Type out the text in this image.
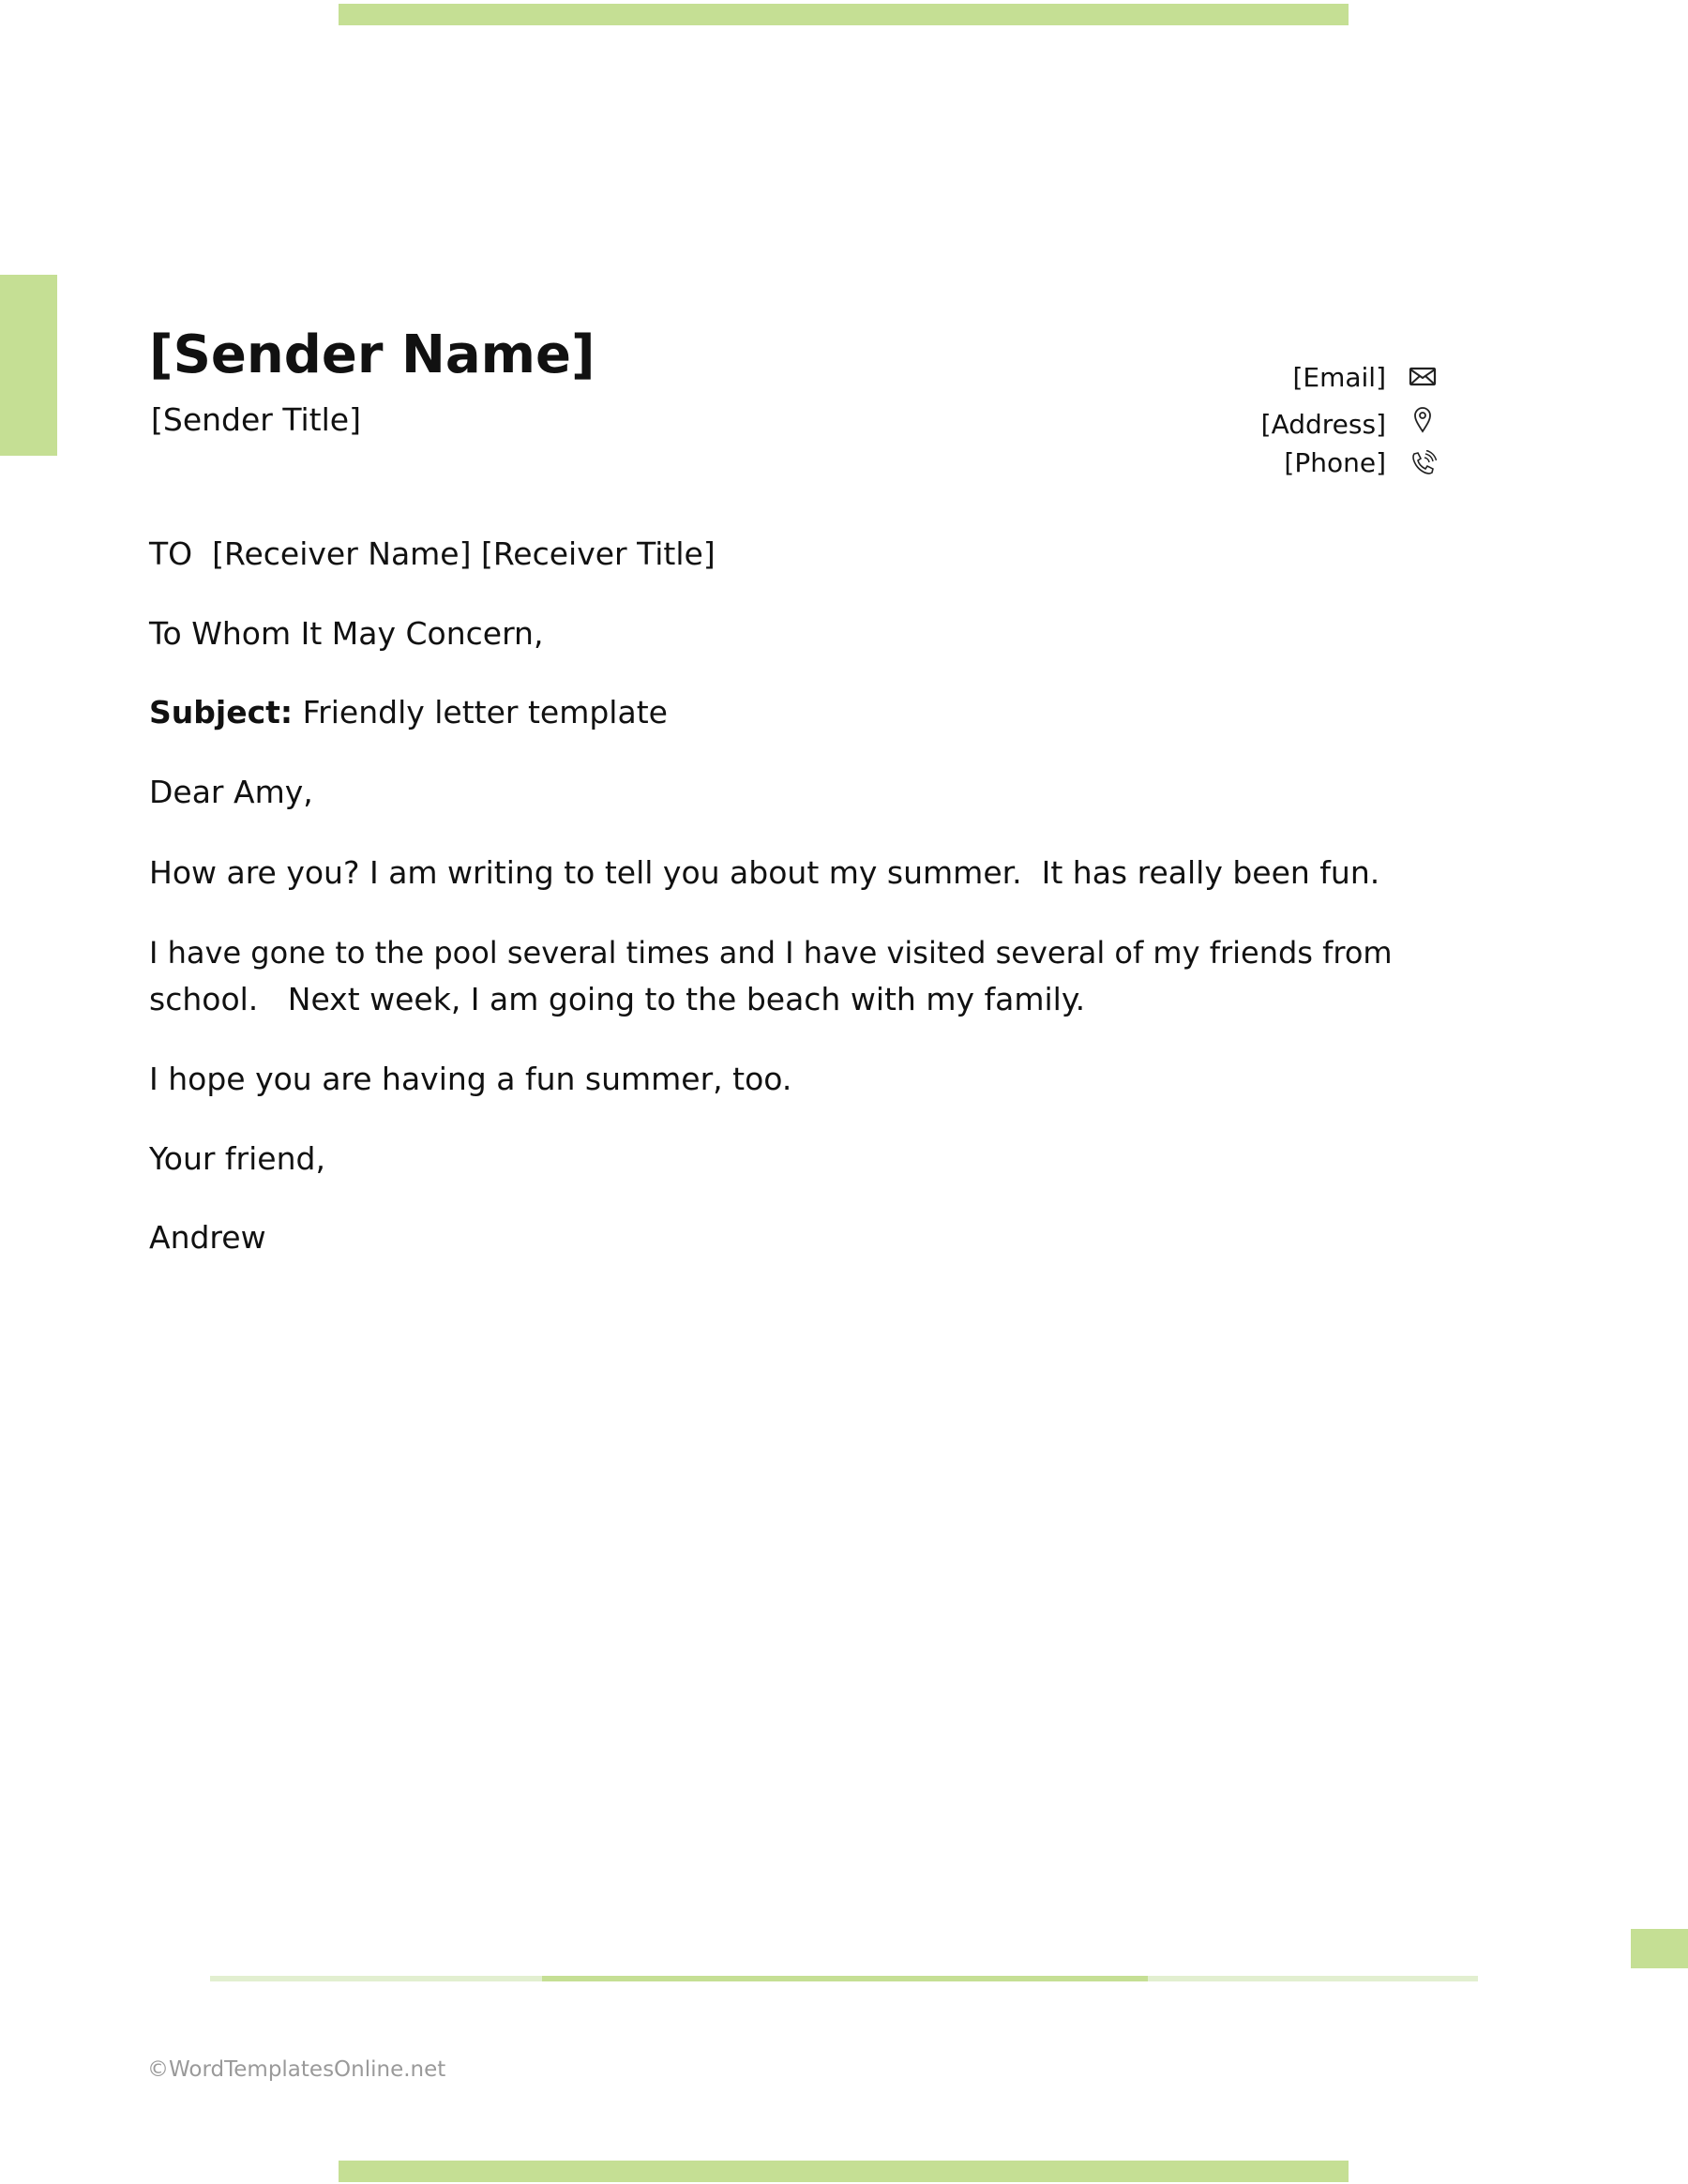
[Sender Name]
[Sender Title]
[Email]
[Address]
[Phone]
TO [Receiver Name] [Receiver Title]
To Whom It May Concern,
Subject: Friendly letter template
Dear Amy,
How are you? I am writing to tell you about my summer.  It has really been fun.
I have gone to the pool several times and I have visited several of my friends from
school.   Next week, I am going to the beach with my family.
I hope you are having a fun summer, too.
Your friend,
Andrew
©WordTemplatesOnline.net
